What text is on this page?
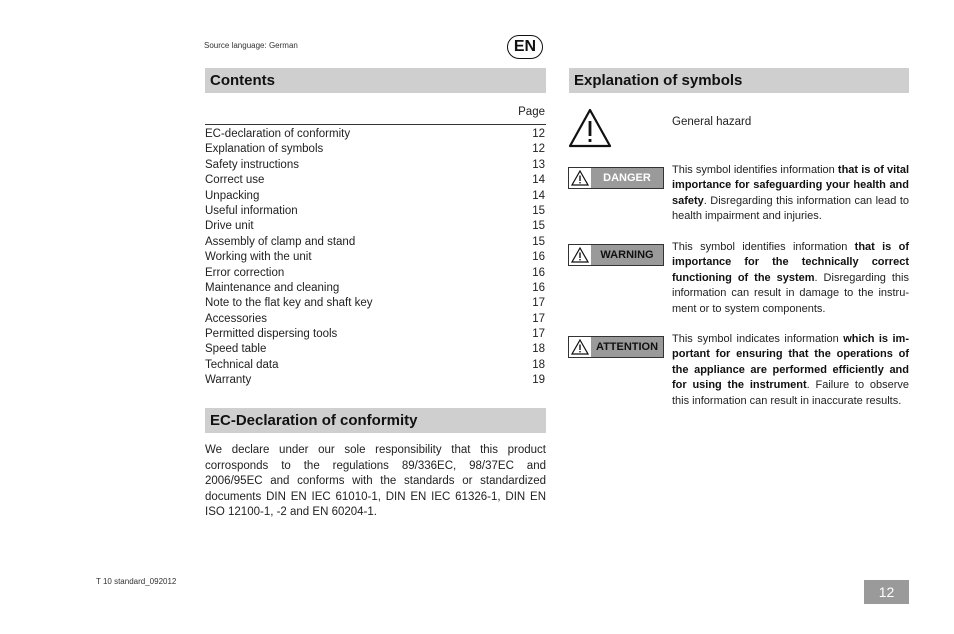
Source language: German	EN
Contents
Page
EC-declaration of conformity	12
Explanation of symbols	12
Safety instructions	13
Correct use	14
Unpacking	14
Useful information	15
Drive unit	15
Assembly of clamp and stand	15
Working with the unit	16
Error correction	16
Maintenance and cleaning	16
Note to the flat key and shaft key	17
Accessories	17
Permitted dispersing tools	17
Speed table	18
Technical data	18
Warranty	19
EC-Declaration of conformity

We declare under our sole responsibility that this product corrosponds to the regulations 89/336EC, 98/37EC and 2006/95EC and conforms with the standards or standardized documents DIN EN IEC 61010-1, DIN EN IEC 61326-1, DIN EN ISO 12100-1, -2 and EN 60204-1.

Explanation of symbols
General hazard
DANGER

This symbol identifies information that is of vital importance for safeguarding your health and safety. Disregarding this information can lead to health impairment and injuries.

WARNING

This symbol identifies information that is of importance for the technically correct functioning of the system. Disregarding this information can result in damage to the instru-ment or to system components.

ATTENTION

This symbol indicates information which is im-portant for ensuring that the operations of the appliance are performed efficiently and for using the instrument. Failure to observe this information can result in inaccurate results.

T 10 standard_092012
12
